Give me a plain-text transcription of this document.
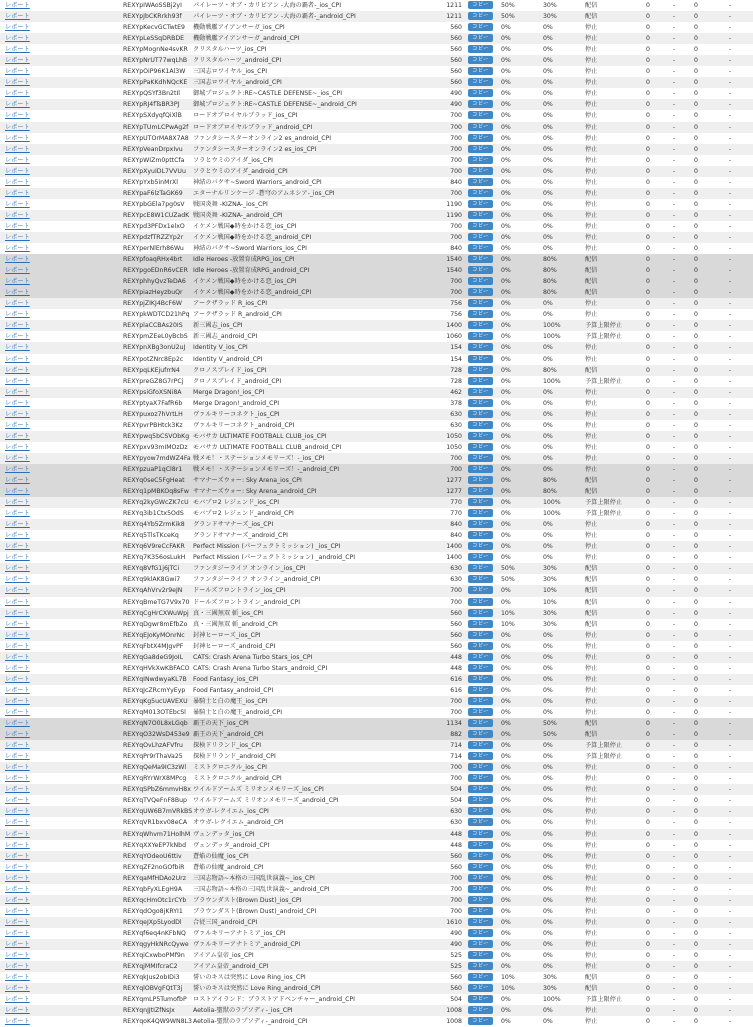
レポート	REXYpIWAoSSBj2yI	パイレーツ・オブ・カリビアン -大海の覇者-_ios_CPI	1211	コピー	50%	30%	配信	0	-	0	-
レポート	REXYpJbCKRrkh93f	パイレーツ・オブ・カリビアン -大海の覇者-_android_CPI	1211	コピー	50%	30%	配信	0	-	0	-
レポート	REXYpKecvGCTwtE9	機動戦艦アイアンサーガ_ios_CPI	560	コピー	0%	0%	停止	0	-	0	-
レポート	REXYpLeSSqDRBDE	機動戦艦アイアンサーガ_android_CPI	560	コピー	0%	0%	停止	0	-	0	-
レポート	REXYpMognNe4svKR	クリスタルハーツ_ios_CPI	560	コピー	0%	0%	停止	0	-	0	-
レポート	REXYpNrUT77wqLhB	クリスタルハーツ_android_CPI	560	コピー	0%	0%	停止	0	-	0	-
レポート	REXYpOiP96K1Al3W	三国志ロワイヤル_ios_CPI	560	コピー	0%	0%	停止	0	-	0	-
レポート	REXYpPaKKdhNQcKE	三国志ロワイヤル_android_CPI	560	コピー	0%	0%	停止	0	-	0	-
レポート	REXYpQSYf3Bn2tIl	御城プロジェクト:RE~CASTLE DEFENSE~_ios_CPI	490	コピー	0%	0%	停止	0	-	0	-
レポート	REXYpRJ4fTsBR3PJ	御城プロジェクト:RE~CASTLE DEFENSE~_android_CPI	490	コピー	0%	0%	停止	0	-	0	-
レポート	REXYpSXdyqfQiXlB	ロードオブロイヤルブラッド_ios_CPI	700	コピー	0%	0%	停止	0	-	0	-
レポート	REXYpTUmLCPwAg2f	ロードオブロイヤルブラッド_android_CPI	700	コピー	0%	0%	停止	0	-	0	-
レポート	REXYpUTOrMA8X7A8	ファンタシースターオンライン2 es_android_CPI	700	コピー	0%	0%	停止	0	-	0	-
レポート	REXYpVeanDrpxIvu	ファンタシースターオンライン2 es_ios_CPI	700	コピー	0%	0%	停止	0	-	0	-
レポート	REXYpWIZm0pttCfa	ソラとウミのアイダ_ios_CPI	700	コピー	0%	0%	停止	0	-	0	-
レポート	REXYpXyuIDL7VVUu	ソラとウミのアイダ_android_CPI	700	コピー	0%	0%	停止	0	-	0	-
レポート	REXYpYxb5inMrXl	神結のパクサ~Sword Warriors_android_CPI	840	コピー	0%	0%	停止	0	-	0	-
レポート	REXYpaF6lzTaGK69	エターナルリンケージ -蒼穹のアムネシア-_ios_CPI	700	コピー	0%	0%	停止	0	-	0	-
レポート	REXYpbGEla7pg0sV	戦国炎舞 -KIZNA-_ios_CPI	1190	コピー	0%	0%	停止	0	-	0	-
レポート	REXYpcE8W1CUZadK	戦国炎舞 -KIZNA-_android_CPI	1190	コピー	0%	0%	停止	0	-	0	-
レポート	REXYpd3PFDx1elxO	イケメン戦国◆時をかける恋_ios_CPI	700	コピー	0%	0%	停止	0	-	0	-
レポート	REXYpdzfTRZZYp2r	イケメン戦国◆時をかける恋_android_CPI	700	コピー	0%	0%	停止	0	-	0	-
レポート	REXYperNlErh86Wu	神結のパクサ~Sword Warriors_ios_CPI	840	コピー	0%	0%	停止	0	-	0	-
レポート	REXYpfoaqRHx4brt	Idle Heroes -放置育成RPG_ios_CPI	1540	コピー	0%	80%	配信	0	-	0	-
レポート	REXYpgoEDnR6vCER	Idle Heroes -放置育成RPG_android_CPI	1540	コピー	0%	80%	配信	0	-	0	-
レポート	REXYphhyQvzTeDA6	イケメン戦国◆時をかける恋_ios_CPI	700	コピー	0%	80%	配信	0	-	0	-
レポート	REXYpiazHeyzbuQr	イケメン戦国◆時をかける恋_android_CPI	700	コピー	0%	80%	配信	0	-	0	-
レポート	REXYpjZIKJ4BcF6W	アークザラッド R_ios_CPI	756	コピー	0%	0%	停止	0	-	0	-
レポート	REXYpkWDTCD21hPq	アークザラッド R_android_CPI	756	コピー	0%	0%	停止	0	-	0	-
レポート	REXYplaCCBAs20IS	新三國志_ios_CPI	1400	コピー	0%	100%	予算上限停止	0	-	0	-
レポート	REXYpmZEeL0yBcbS	新三國志_android_CPI	1060	コピー	0%	100%	予算上限停止	0	-	0	-
レポート	REXYpnXBg3onU2uJ	Identity V_ios_CPI	154	コピー	0%	0%	停止	0	-	0	-
レポート	REXYpotZNrc8Ep2c	Identity V_android_CPI	154	コピー	0%	0%	停止	0	-	0	-
レポート	REXYpqLKEjufrrN4	クロノスブレイド_ios_CPI	728	コピー	0%	80%	配信	0	-	0	-
レポート	REXYpreGZ8G7rPCj	クロノスブレイド_android_CPI	728	コピー	0%	100%	予算上限停止	0	-	0	-
レポート	REXYpsiGfoXSNi8A	Merge Dragon!_ios_CPI	462	コピー	0%	0%	停止	0	-	0	-
レポート	REXYptyaX7FafR6b	Merge Dragon!_android_CPI	378	コピー	0%	0%	停止	0	-	0	-
レポート	REXYpuxoz7hVrtLH	ヴァルキリーコネクト_ios_CPI	630	コピー	0%	0%	停止	0	-	0	-
レポート	REXYpvrPBHtck3Kz	ヴァルキリーコネクト_android_CPI	630	コピー	0%	0%	停止	0	-	0	-
レポート	REXYpwq5bCSVObKg	モバサカ ULTIMATE FOOTBALL CLUB_ios_CPI	1050	コピー	0%	0%	停止	0	-	0	-
レポート	REXYpxv93mIMOzDz	モバサカ ULTIMATE FOOTBALL CLUB_android_CPI	1050	コピー	0%	0%	停止	0	-	0	-
レポート	REXYpyow7mdWZ4Fa	戦メモ！・ステーションメモリーズ！-_ios_CPI	700	コピー	0%	0%	停止	0	-	0	-
レポート	REXYpzuaP1qCl8r1	戦メモ！・ステーションメモリーズ！-_android_CPI	700	コピー	0%	0%	停止	0	-	0	-
レポート	REXYq0seC5FgHeat	サマナーズウォー: Sky Arena_ios_CPI	1277	コピー	0%	80%	配信	0	-	0	-
レポート	REXYq1pMBKOq8sFw	サマナーズウォー: Sky Arena_android_CPI	1277	コピー	0%	80%	配信	0	-	0	-
レポート	REXYq2kyGWcZK7cU	モバプロ2 レジェンド_ios_CPI	770	コピー	0%	100%	予算上限停止	0	-	0	-
レポート	REXYq3ib1Ctx5OdS	モバプロ2 レジェンド_android_CPI	770	コピー	0%	100%	予算上限停止	0	-	0	-
レポート	REXYq4Yb5ZrmKik8	グランドサマナーズ_ios_CPI	840	コピー	0%	0%	停止	0	-	0	-
レポート	REXYq5TlsTKceKq	グランドサマナーズ_android_CPI	840	コピー	0%	0%	停止	0	-	0	-
レポート	REXYq6V9reCcFAKR	Perfect Mission (パーフェクトミッション) _ios_CPI	1400	コピー	0%	0%	停止	0	-	0	-
レポート	REXYq7K356osLukH	Perfect Mission (パーフェクトミッション) _android_CPI	1400	コピー	0%	0%	停止	0	-	0	-
レポート	REXYq8VfG1j6jTCi	ファンタジーライフ オンライン_ios_CPI	630	コピー	50%	30%	配信	0	-	0	-
レポート	REXYq9klAK8Gwi7	ファンタジーライフ オンライン_android_CPI	630	コピー	50%	30%	配信	0	-	0	-
レポート	REXYqAhVrv2r9eJN	ドールズフロントライン_ios_CPI	700	コピー	0%	10%	配信	0	-	0	-
レポート	REXYqBmeTG7V9x70	ドールズフロントライン_android_CPI	700	コピー	0%	10%	配信	0	-	0	-
レポート	REXYqCgHrCXWuWpj	真・三國無双 斬_ios_CPI	560	コピー	10%	30%	配信	0	-	0	-
レポート	REXYqDgwr8mEfbZo	真・三國無双 斬_android_CPI	560	コピー	10%	30%	配信	0	-	0	-
レポート	REXYqEJoKyMOnrNc	封神ヒーローズ_ios_CPI	560	コピー	0%	0%	停止	0	-	0	-
レポート	REXYqFbtX4MJgvPF	封神ヒーローズ_android_CPI	560	コピー	0%	0%	停止	0	-	0	-
レポート	REXYqGa8deG9JoIL	CATS: Crash Arena Turbo Stars_ios_CPI	448	コピー	0%	0%	停止	0	-	0	-
レポート	REXYqHVkXwKBFACO	CATS: Crash Arena Turbo Stars_android_CPI	448	コピー	0%	0%	停止	0	-	0	-
レポート	REXYqINwdwyaKL7B	Food Fantasy_ios_CPI	616	コピー	0%	0%	停止	0	-	0	-
レポート	REXYqJcZRcmYyEyp	Food Fantasy_android_CPI	616	コピー	0%	0%	停止	0	-	0	-
レポート	REXYqKg5ucUAVEXU	暴騎士と白の魔王_ios_CPI	700	コピー	0%	0%	停止	0	-	0	-
レポート	REXYqM013OTEbcSl	暴騎士と白の魔王_android_CPI	700	コピー	0%	0%	停止	0	-	0	-
レポート	REXYqN7O0L8xLGqb	覇王の天下_ios_CPI	1134	コピー	0%	50%	配信	0	-	0	-
レポート	REXYqO32WsD453e9	覇王の天下_android_CPI	882	コピー	0%	50%	配信	0	-	0	-
レポート	REXYqOvLhzAFVfru	探検ドリランド_ios_CPI	714	コピー	0%	0%	予算上限停止	0	-	0	-
レポート	REXYqPr9rThaVa25	探検ドリランド_android_CPI	714	コピー	0%	0%	予算上限停止	0	-	0	-
レポート	REXYqQeMa9IC3zWl	ミストクロニクル_ios_CPI	700	コピー	0%	0%	停止	0	-	0	-
レポート	REXYqRYrWrX8MPcg	ミストクロニクル_android_CPI	700	コピー	0%	0%	停止	0	-	0	-
レポート	REXYqSPbZ6mmvH8x	ワイルドアームズ ミリオンメモリーズ_ios_CPI	504	コピー	0%	0%	停止	0	-	0	-
レポート	REXYqTVQeFnF8Bup	ワイルドアームズ ミリオンメモリーズ_android_CPI	504	コピー	0%	0%	停止	0	-	0	-
レポート	REXYqUW6B7mVRkBS	オウガ-レクイエム_ios_CPI	630	コピー	0%	0%	停止	0	-	0	-
レポート	REXYqVR1bxv08eCA	オウガ-レクイエム_android_CPI	630	コピー	0%	0%	停止	0	-	0	-
レポート	REXYqWhvm71HolhM	ヴェンデッタ_ios_CPI	448	コピー	0%	0%	停止	0	-	0	-
レポート	REXYqXXYeEP7kNbd	ヴェンデッタ_android_CPI	448	コピー	0%	0%	停止	0	-	0	-
レポート	REXYqYOdeoU6ttiv	蒼焔の仙魔_ios_CPI	560	コピー	0%	0%	停止	0	-	0	-
レポート	REXYqZF2noGOfbiR	蒼焔の仙魔_android_CPI	560	コピー	0%	0%	停止	0	-	0	-
レポート	REXYqaMfHDAo2Urz	三国志物語~本格の三国乱世演義~_ios_CPI	700	コピー	0%	0%	停止	0	-	0	-
レポート	REXYqbFyXLEgH9A	三国志物語~本格の三国乱世演義~_android_CPI	700	コピー	0%	0%	停止	0	-	0	-
レポート	REXYqcHmOtc1rCYb	ブラウンダスト(Brown Dust)_ios_CPI	700	コピー	0%	0%	停止	0	-	0	-
レポート	REXYqdOgo8jKRYI1	ブラウンダスト(Brown Dust)_android_CPI	700	コピー	0%	0%	停止	0	-	0	-
レポート	REXYqeJXp5LyodDl	合従三国_android_CPI	1610	コピー	0%	0%	停止	0	-	0	-
レポート	REXYqf6eq4nKFbNQ	ヴァルキリーアナトミア_ios_CPI	490	コピー	0%	0%	停止	0	-	0	-
レポート	REXYqgyHkNRcQywe	ヴァルキリーアナトミア_android_CPI	490	コピー	0%	0%	停止	0	-	0	-
レポート	REXYqiCxwboPMf9n	アイアム皇帝_ios_CPI	525	コピー	0%	0%	停止	0	-	0	-
レポート	REXYqjMMIfcraC2	アイアム皇帝_android_CPI	525	コピー	0%	0%	停止	0	-	0	-
レポート	REXYqkJus2obIDi3	誓いのキスは突然に Love Ring_ios_CPI	560	コピー	10%	30%	配信	0	-	0	-
レポート	REXYqlOBVgFQtT3j	誓いのキスは突然に Love Ring_android_CPI	560	コピー	10%	30%	配信	0	-	0	-
レポート	REXYqmLP5TumofbP	ロストアイランド：ブラストアドベンチャー_android_CPI	504	コピー	0%	100%	予算上限停止	0	-	0	-
レポート	REXYqnJJtIZfNsJx	Aetolia-聖獣のラプソディ-_ios_CPI	1008	コピー	0%	0%	停止	0	-	0	-
レポート	REXYqoK4QW9WN8L3	Aetolia-聖獣のラプソディ-_android_CPI	1008	コピー	0%	0%	停止	0	-	0	-
